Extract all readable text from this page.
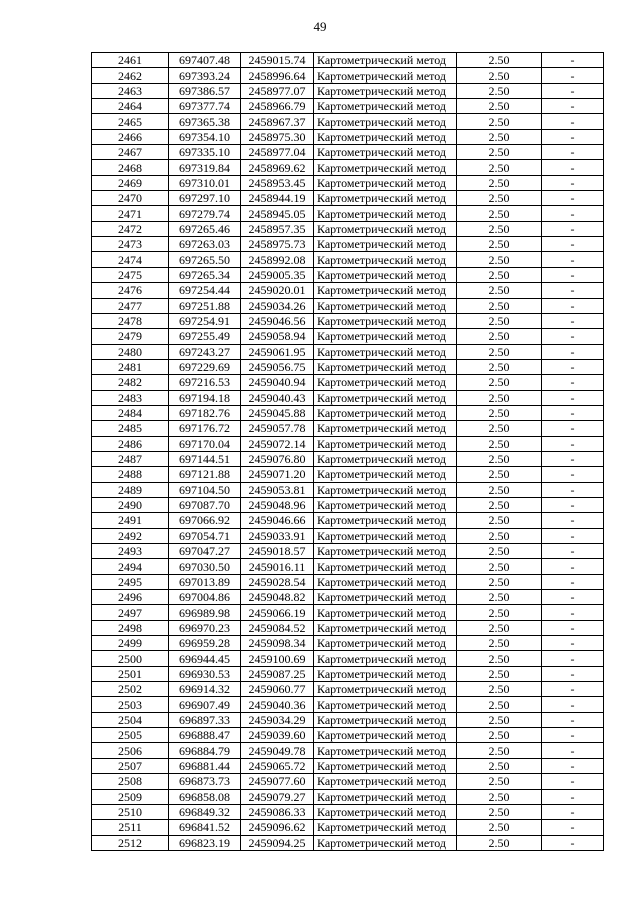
49
2461	697407.48	2459015.74	Картометрический метод	2.50	-
2462	697393.24	2458996.64	Картометрический метод	2.50	-
2463	697386.57	2458977.07	Картометрический метод	2.50	-
2464	697377.74	2458966.79	Картометрический метод	2.50	-
2465	697365.38	2458967.37	Картометрический метод	2.50	-
2466	697354.10	2458975.30	Картометрический метод	2.50	-
2467	697335.10	2458977.04	Картометрический метод	2.50	-
2468	697319.84	2458969.62	Картометрический метод	2.50	-
2469	697310.01	2458953.45	Картометрический метод	2.50	-
2470	697297.10	2458944.19	Картометрический метод	2.50	-
2471	697279.74	2458945.05	Картометрический метод	2.50	-
2472	697265.46	2458957.35	Картометрический метод	2.50	-
2473	697263.03	2458975.73	Картометрический метод	2.50	-
2474	697265.50	2458992.08	Картометрический метод	2.50	-
2475	697265.34	2459005.35	Картометрический метод	2.50	-
2476	697254.44	2459020.01	Картометрический метод	2.50	-
2477	697251.88	2459034.26	Картометрический метод	2.50	-
2478	697254.91	2459046.56	Картометрический метод	2.50	-
2479	697255.49	2459058.94	Картометрический метод	2.50	-
2480	697243.27	2459061.95	Картометрический метод	2.50	-
2481	697229.69	2459056.75	Картометрический метод	2.50	-
2482	697216.53	2459040.94	Картометрический метод	2.50	-
2483	697194.18	2459040.43	Картометрический метод	2.50	-
2484	697182.76	2459045.88	Картометрический метод	2.50	-
2485	697176.72	2459057.78	Картометрический метод	2.50	-
2486	697170.04	2459072.14	Картометрический метод	2.50	-
2487	697144.51	2459076.80	Картометрический метод	2.50	-
2488	697121.88	2459071.20	Картометрический метод	2.50	-
2489	697104.50	2459053.81	Картометрический метод	2.50	-
2490	697087.70	2459048.96	Картометрический метод	2.50	-
2491	697066.92	2459046.66	Картометрический метод	2.50	-
2492	697054.71	2459033.91	Картометрический метод	2.50	-
2493	697047.27	2459018.57	Картометрический метод	2.50	-
2494	697030.50	2459016.11	Картометрический метод	2.50	-
2495	697013.89	2459028.54	Картометрический метод	2.50	-
2496	697004.86	2459048.82	Картометрический метод	2.50	-
2497	696989.98	2459066.19	Картометрический метод	2.50	-
2498	696970.23	2459084.52	Картометрический метод	2.50	-
2499	696959.28	2459098.34	Картометрический метод	2.50	-
2500	696944.45	2459100.69	Картометрический метод	2.50	-
2501	696930.53	2459087.25	Картометрический метод	2.50	-
2502	696914.32	2459060.77	Картометрический метод	2.50	-
2503	696907.49	2459040.36	Картометрический метод	2.50	-
2504	696897.33	2459034.29	Картометрический метод	2.50	-
2505	696888.47	2459039.60	Картометрический метод	2.50	-
2506	696884.79	2459049.78	Картометрический метод	2.50	-
2507	696881.44	2459065.72	Картометрический метод	2.50	-
2508	696873.73	2459077.60	Картометрический метод	2.50	-
2509	696858.08	2459079.27	Картометрический метод	2.50	-
2510	696849.32	2459086.33	Картометрический метод	2.50	-
2511	696841.52	2459096.62	Картометрический метод	2.50	-
2512	696823.19	2459094.25	Картометрический метод	2.50	-
